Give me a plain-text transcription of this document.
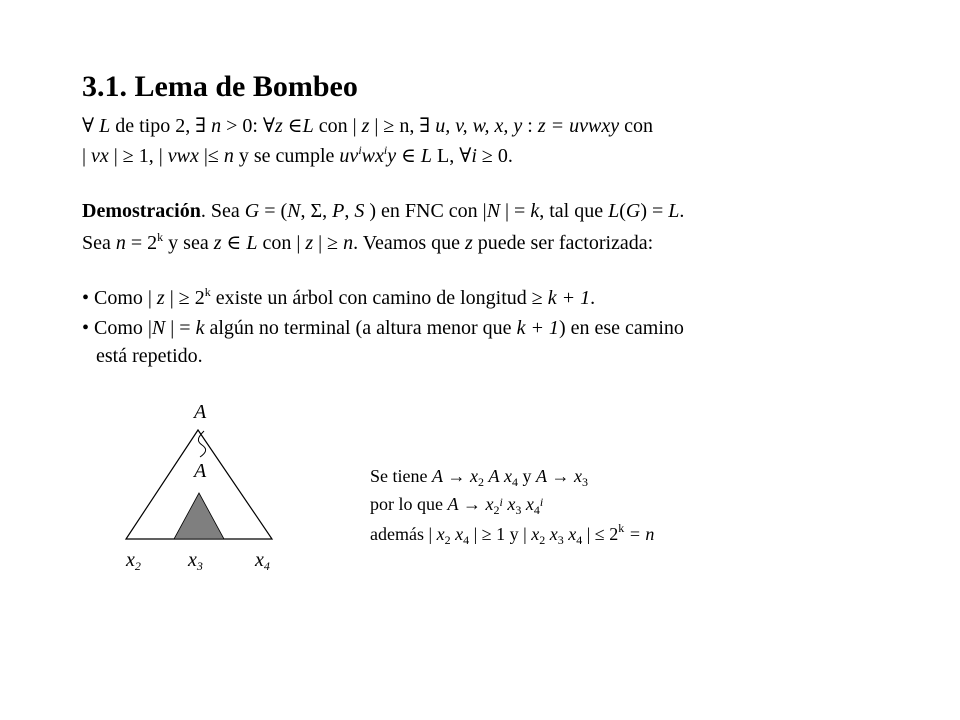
3.1. Lema de Bombeo
∀ L de tipo 2, ∃ n > 0: ∀z ∈L con | z | ≥ n, ∃ u, v, w, x, y : z = uvwxy con
| vx | ≥ 1, | vwx |≤ n y se cumple $uv^iwx^iy$ ∈ L L, ∀i ≥ 0.
Demostración. Sea G = (N, Σ, P, S ) en FNC con |N | = k, tal que L(G) = L.
Sea $n = 2^k$ y sea z ∈ L con | z | ≥ n. Veamos que z puede ser factorizada:
• Como | z | ≥ $2^k$ existe un árbol con camino de longitud ≥ k + 1.
• Como |N | = k algún no terminal (a altura menor que k + 1) en ese camino
está repetido.
A
A
$x_2$ $x_3$	$x_4$
Se tiene $A \to x_2$ A $x_4$ y $A \to x_3$
por lo que $A \to x_{2^i}$ $x_3$ $x_{4^i}$
además | $x_2$ $x_4$ | ≥ 1 y | $x_2$ $x_3$ $x_4$ | ≤ $2^k = n$
